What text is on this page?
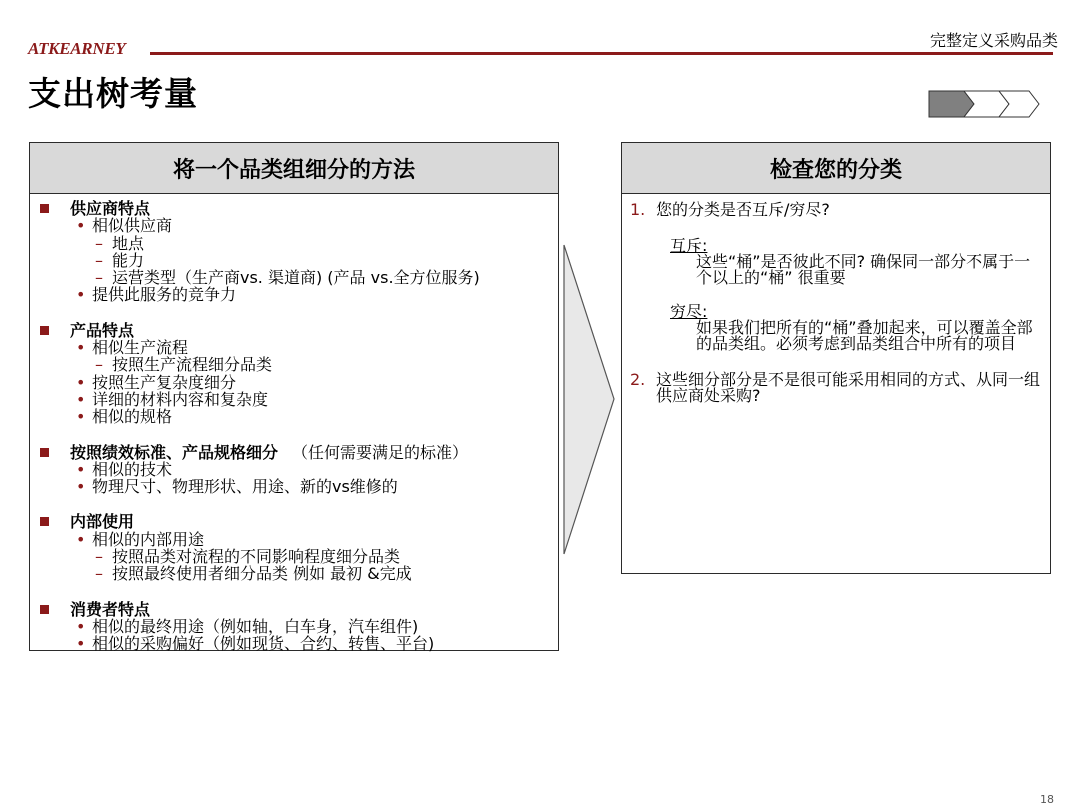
ATKEARNEY	完整定义采购品类
支出树考量
将一个品类组细分的方法
供应商特点
• 相似供应商
– 地点
– 能力
– 运营类型（生产商vs. 渠道商) (产品 vs.全方位服务)
• 提供此服务的竞争力
产品特点
• 相似生产流程
– 按照生产流程细分品类
• 按照生产复杂度细分
• 详细的材料内容和复杂度
• 相似的规格
按照绩效标准、产品规格细分 （任何需要满足的标准）
• 相似的技术
• 物理尺寸、物理形状、用途、新的vs维修的
内部使用
• 相似的内部用途
– 按照品类对流程的不同影响程度细分品类
– 按照最终使用者细分品类 例如 最初 &完成
消费者特点
• 相似的最终用途（例如轴，白车身，汽车组件)
• 相似的采购偏好（例如现货、合约、转售、平台)
检查您的分类
1. 您的分类是否互斥/穷尽?
互斥:
这些“桶”是否彼此不同? 确保同一部分不属于一个以上的“桶” 很重要
穷尽:
如果我们把所有的“桶”叠加起来，可以覆盖全部的品类组。必须考虑到品类组合中所有的项目
2. 这些细分部分是不是很可能采用相同的方式、从同一组供应商处采购?
18
